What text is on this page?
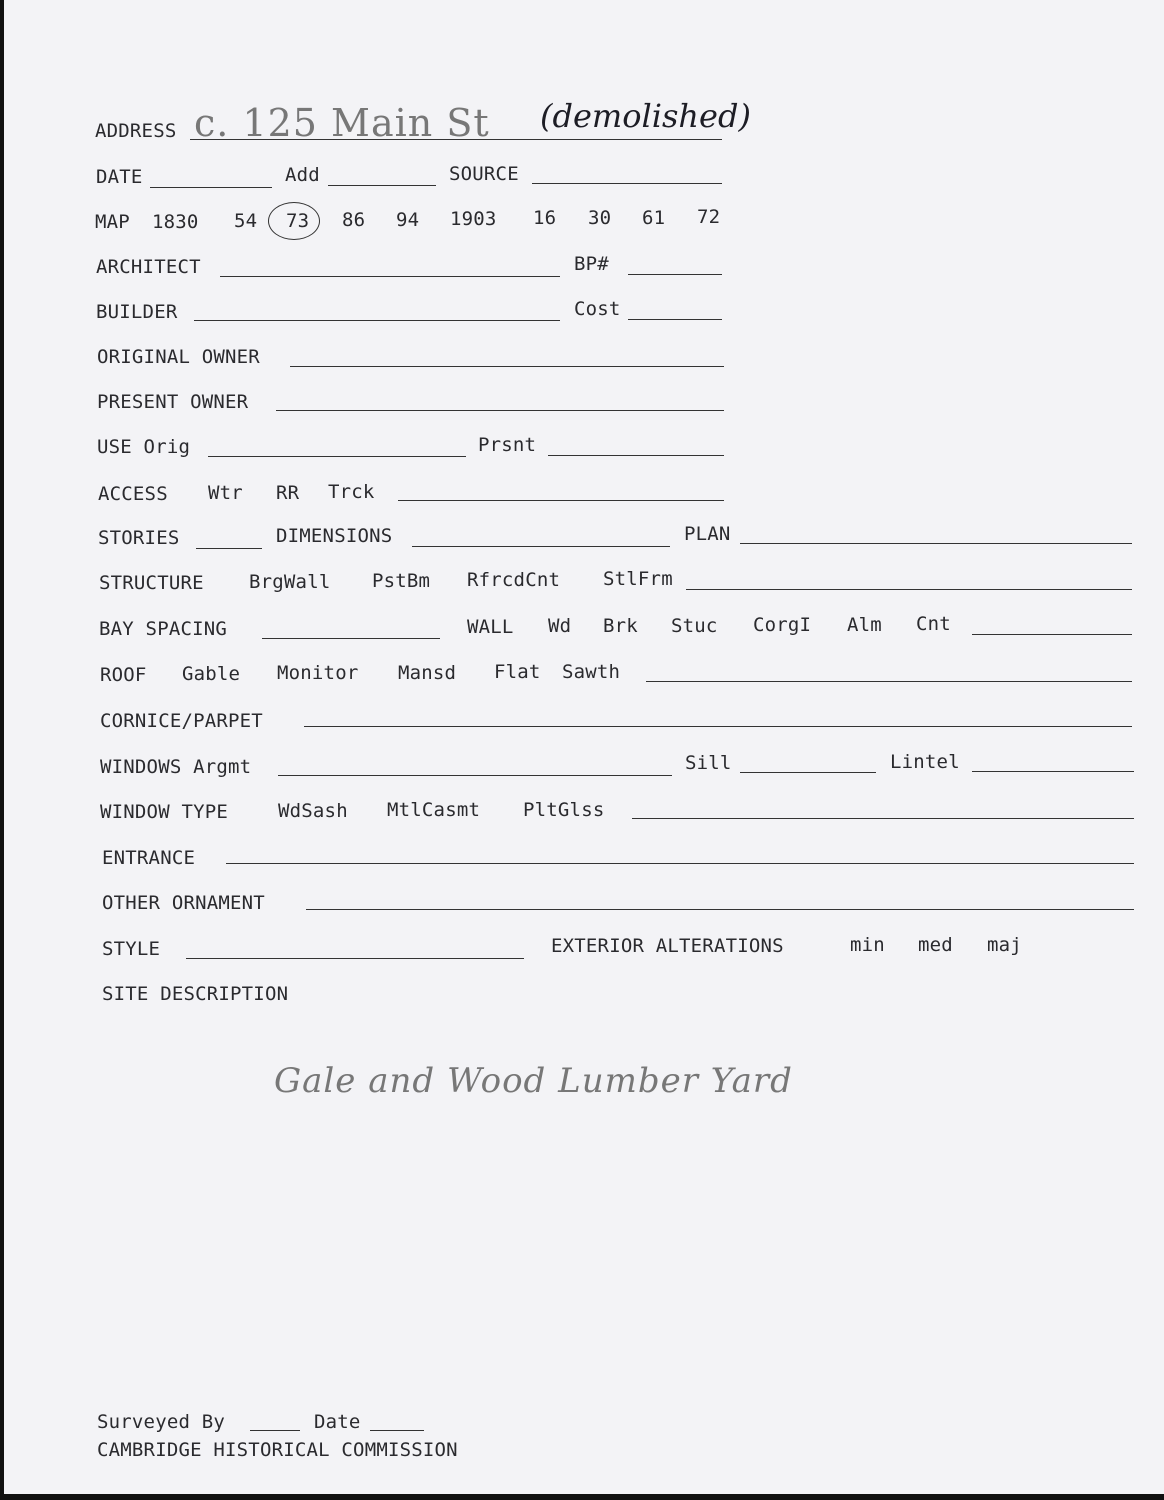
ADDRESS c. 125 Main St (demolished)
DATE	Add	SOURCE
MAP 1830 54 73 86 94 1903 16 30 61 72
ARCHITECT	BP#
BUILDER	Cost
ORIGINAL OWNER
PRESENT OWNER
USE Orig	Prsnt
ACCESS Wtr RR Trck
STORIES	DIMENSIONS	PLAN
STRUCTURE BrgWall PstBm RfrcdCnt StlFrm
BAY SPACING	WALL Wd Brk Stuc CorgI Alm Cnt
ROOF Gable Monitor Mansd Flat Sawth
CORNICE/PARPET
WINDOWS Argmt	Sill	Lintel
WINDOW TYPE	WdSash MtlCasmt PltGlss
ENTRANCE
OTHER ORNAMENT
STYLE	EXTERIOR ALTERATIONS	min med maj
SITE DESCRIPTION
Gale and Wood Lumber Yard
Surveyed By	Date
CAMBRIDGE HISTORICAL COMMISSION
